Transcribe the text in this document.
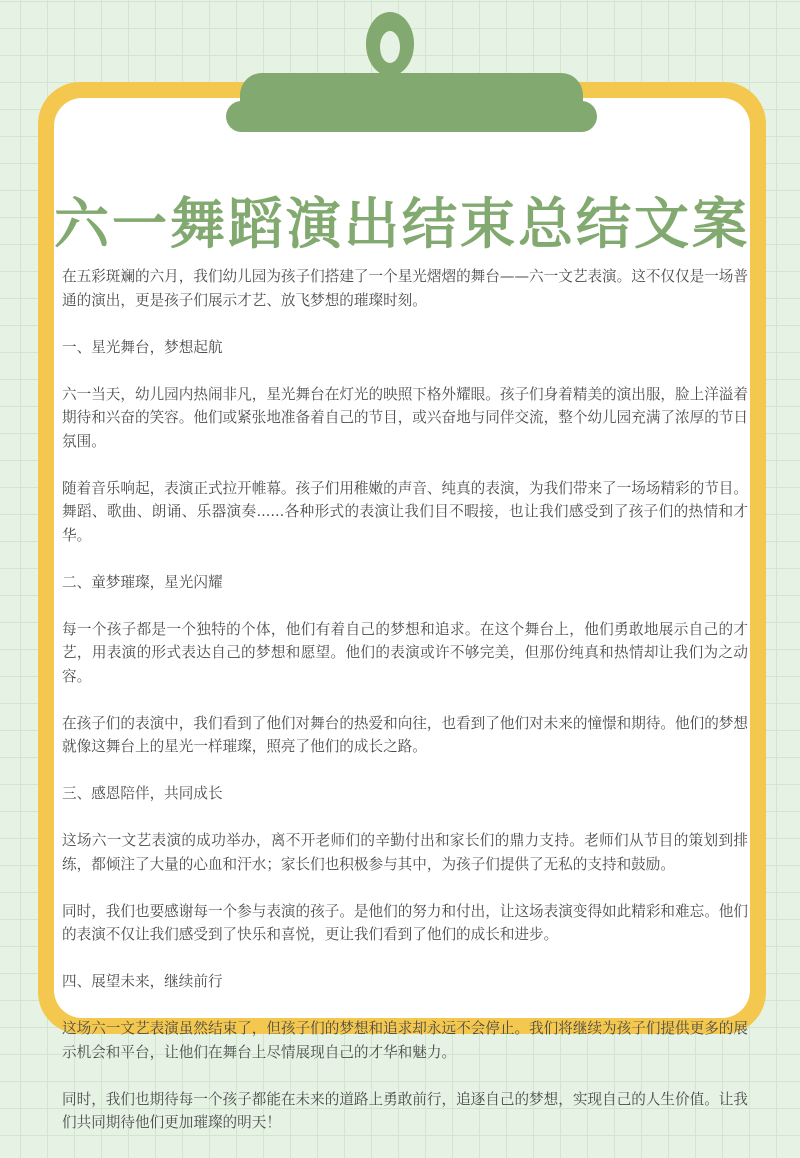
六一舞蹈演出结束总结文案

在五彩斑斓的六月，我们幼儿园为孩子们搭建了一个星光熠熠的舞台——六一文艺表演。这不仅仅是一场普通的演出，更是孩子们展示才艺、放飞梦想的璀璨时刻。

一、星光舞台，梦想起航

六一当天，幼儿园内热闹非凡，星光舞台在灯光的映照下格外耀眼。孩子们身着精美的演出服，脸上洋溢着期待和兴奋的笑容。他们或紧张地准备着自己的节目，或兴奋地与同伴交流，整个幼儿园充满了浓厚的节日氛围。

随着音乐响起，表演正式拉开帷幕。孩子们用稚嫩的声音、纯真的表演，为我们带来了一场场精彩的节目。舞蹈、歌曲、朗诵、乐器演奏......各种形式的表演让我们目不暇接，也让我们感受到了孩子们的热情和才华。

二、童梦璀璨，星光闪耀

每一个孩子都是一个独特的个体，他们有着自己的梦想和追求。在这个舞台上，他们勇敢地展示自己的才艺，用表演的形式表达自己的梦想和愿望。他们的表演或许不够完美，但那份纯真和热情却让我们为之动容。

在孩子们的表演中，我们看到了他们对舞台的热爱和向往，也看到了他们对未来的憧憬和期待。他们的梦想就像这舞台上的星光一样璀璨，照亮了他们的成长之路。

三、感恩陪伴，共同成长

这场六一文艺表演的成功举办，离不开老师们的辛勤付出和家长们的鼎力支持。老师们从节目的策划到排练，都倾注了大量的心血和汗水；家长们也积极参与其中，为孩子们提供了无私的支持和鼓励。

同时，我们也要感谢每一个参与表演的孩子。是他们的努力和付出，让这场表演变得如此精彩和难忘。他们的表演不仅让我们感受到了快乐和喜悦，更让我们看到了他们的成长和进步。

四、展望未来，继续前行

这场六一文艺表演虽然结束了，但孩子们的梦想和追求却永远不会停止。我们将继续为孩子们提供更多的展示机会和平台，让他们在舞台上尽情展现自己的才华和魅力。

同时，我们也期待每一个孩子都能在未来的道路上勇敢前行，追逐自己的梦想，实现自己的人生价值。让我们共同期待他们更加璀璨的明天！
